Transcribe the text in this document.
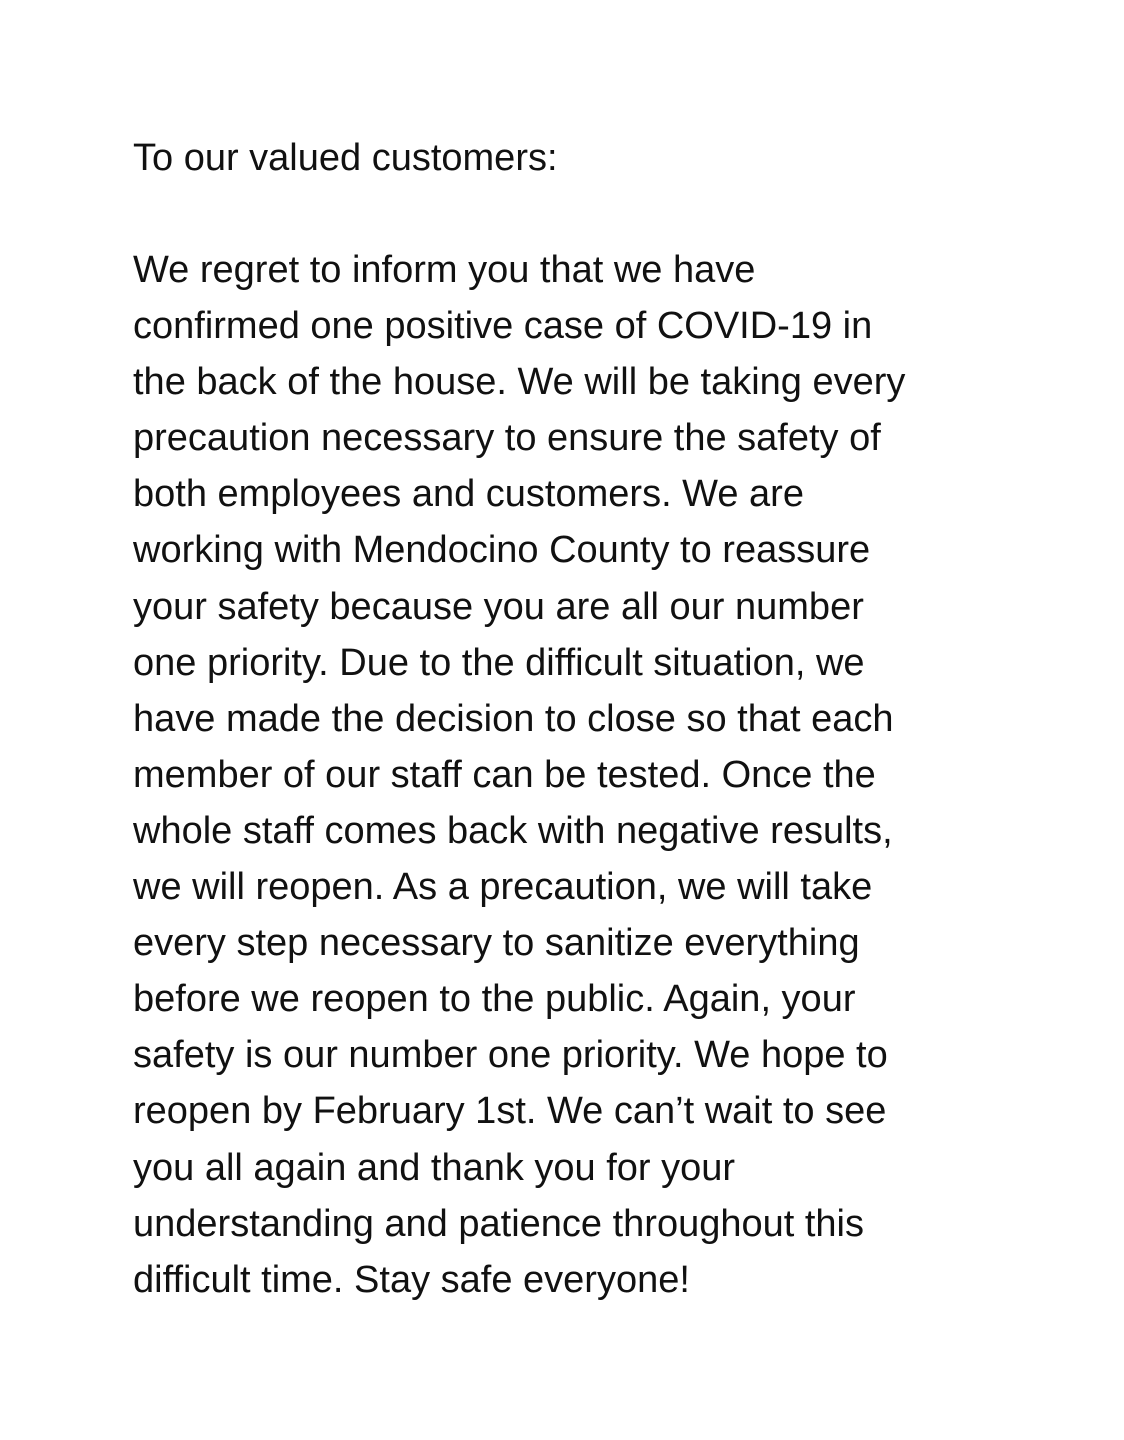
To our valued customers:

We regret to inform you that we have
confirmed one positive case of COVID-19 in
the back of the house. We will be taking every
precaution necessary to ensure the safety of
both employees and customers. We are
working with Mendocino County to reassure
your safety because you are all our number
one priority. Due to the difficult situation, we
have made the decision to close so that each
member of our staff can be tested. Once the
whole staff comes back with negative results,
we will reopen. As a precaution, we will take
every step necessary to sanitize everything
before we reopen to the public. Again, your
safety is our number one priority. We hope to
reopen by February 1st. We can’t wait to see
you all again and thank you for your
understanding and patience throughout this
difficult time. Stay safe everyone!
